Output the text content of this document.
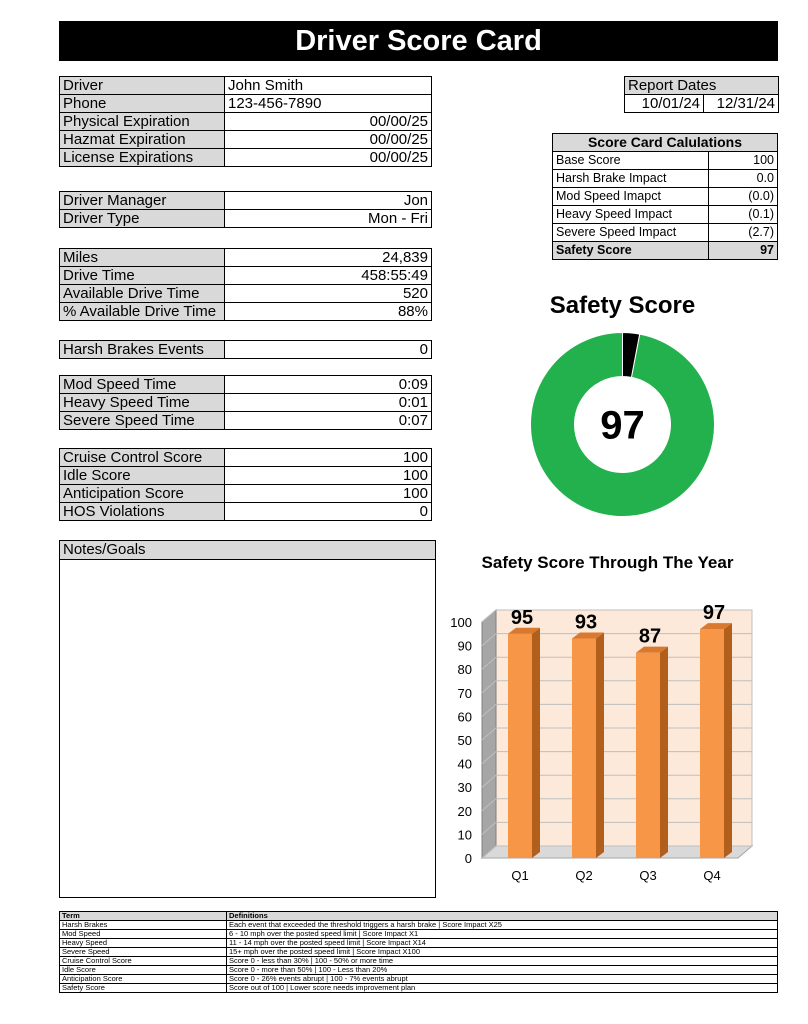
Driver Score Card
Driver	John Smith
Phone	123-456-7890
Physical Expiration	00/00/25
Hazmat Expiration	00/00/25
License Expirations	00/00/25
Driver Manager	Jon
Driver Type	Mon - Fri
Miles	24,839
Drive Time	458:55:49
Available Drive Time	520
% Available Drive Time	88%
Harsh Brakes Events	0
Mod Speed Time	0:09
Heavy Speed Time	0:01
Severe Speed Time	0:07
Cruise Control Score	100
Idle Score	100
Anticipation Score	100
HOS Violations	0
Report Dates
10/01/24	12/31/24
Score Card Calulations	
Base Score	100
Harsh Brake Impact	0.0
Mod Speed Imapct	(0.0)
Heavy Speed Impact	(0.1)
Severe Speed Impact	(2.7)
Safety Score	97
Safety Score
97
Notes/Goals
Safety Score Through The Year
0
10
20
30
40
50
60
70
80
90
100 95
Q1
93
Q2
87
Q3
97
Q4
Term	Definitions
Harsh Brakes	Each event that exceeded the threshold triggers a harsh brake | Score Impact X25
Mod Speed	6 - 10 mph over the posted speed limit | Score Impact X1
Heavy Speed	11 - 14 mph over the posted speed limit | Score Impact X14
Severe Speed	15+ mph over the posted speed limit | Score Impact X100
Cruise Control Score	Score 0 - less than 30% | 100 - 50% or more time
Idle Score	Score 0 - more than 50% | 100 - Less than 20%
Anticipation Score	Score 0 - 26% events abrupt | 100 - 7% events abrupt
Safety Score	Score out of 100 | Lower score needs improvement plan
